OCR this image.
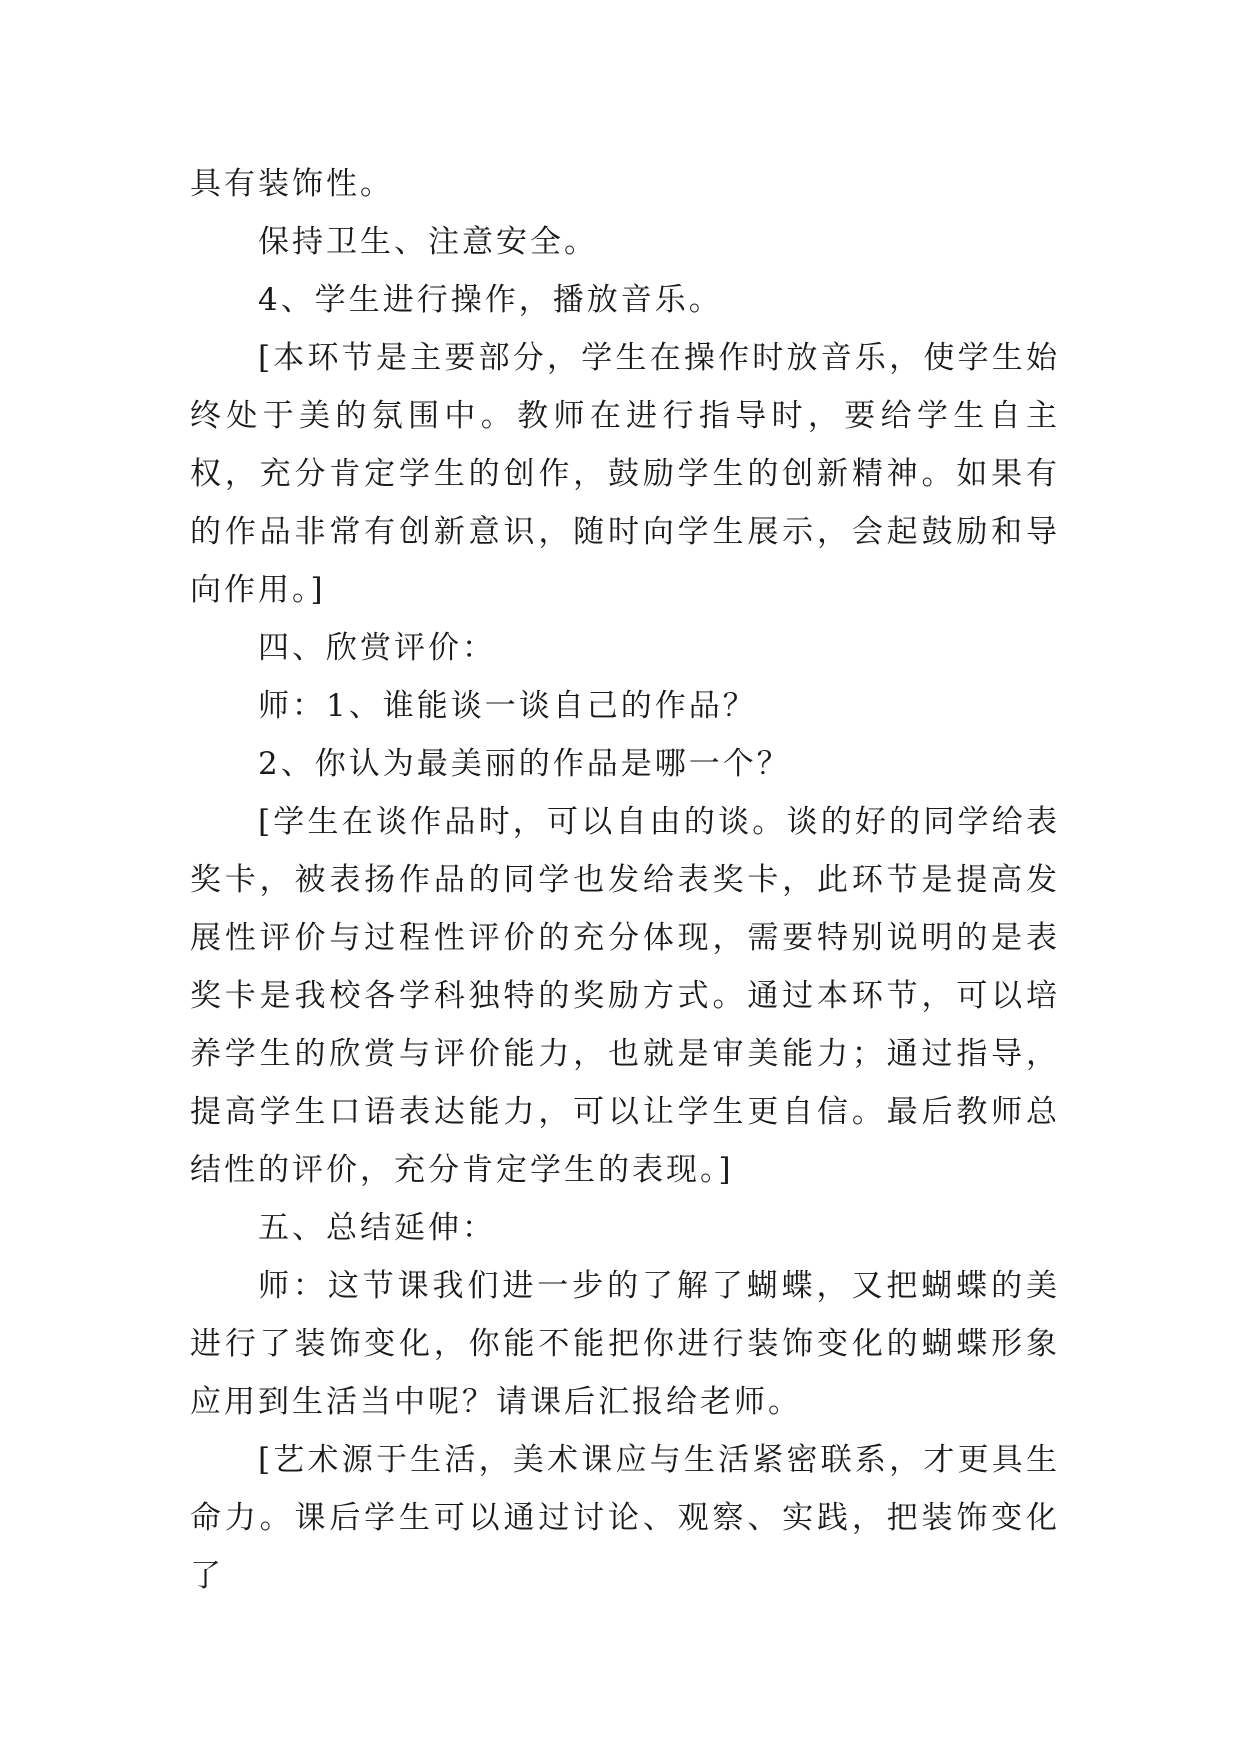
具有装饰性。

保持卫生、注意安全。

4、学生进行操作，播放音乐。

[本环节是主要部分，学生在操作时放音乐，使学生始终处于美的氛围中。教师在进行指导时，要给学生自主权，充分肯定学生的创作，鼓励学生的创新精神。如果有的作品非常有创新意识，随时向学生展示，会起鼓励和导向作用。]

四、欣赏评价：

师：1、谁能谈一谈自己的作品？

2、你认为最美丽的作品是哪一个？

[学生在谈作品时，可以自由的谈。谈的好的同学给表奖卡，被表扬作品的同学也发给表奖卡，此环节是提高发展性评价与过程性评价的充分体现，需要特别说明的是表奖卡是我校各学科独特的奖励方式。通过本环节，可以培养学生的欣赏与评价能力，也就是审美能力；通过指导，提高学生口语表达能力，可以让学生更自信。最后教师总结性的评价，充分肯定学生的表现。]

五、总结延伸：

师：这节课我们进一步的了解了蝴蝶，又把蝴蝶的美进行了装饰变化，你能不能把你进行装饰变化的蝴蝶形象应用到生活当中呢？请课后汇报给老师。

[艺术源于生活，美术课应与生活紧密联系，才更具生命力。课后学生可以通过讨论、观察、实践，把装饰变化了
